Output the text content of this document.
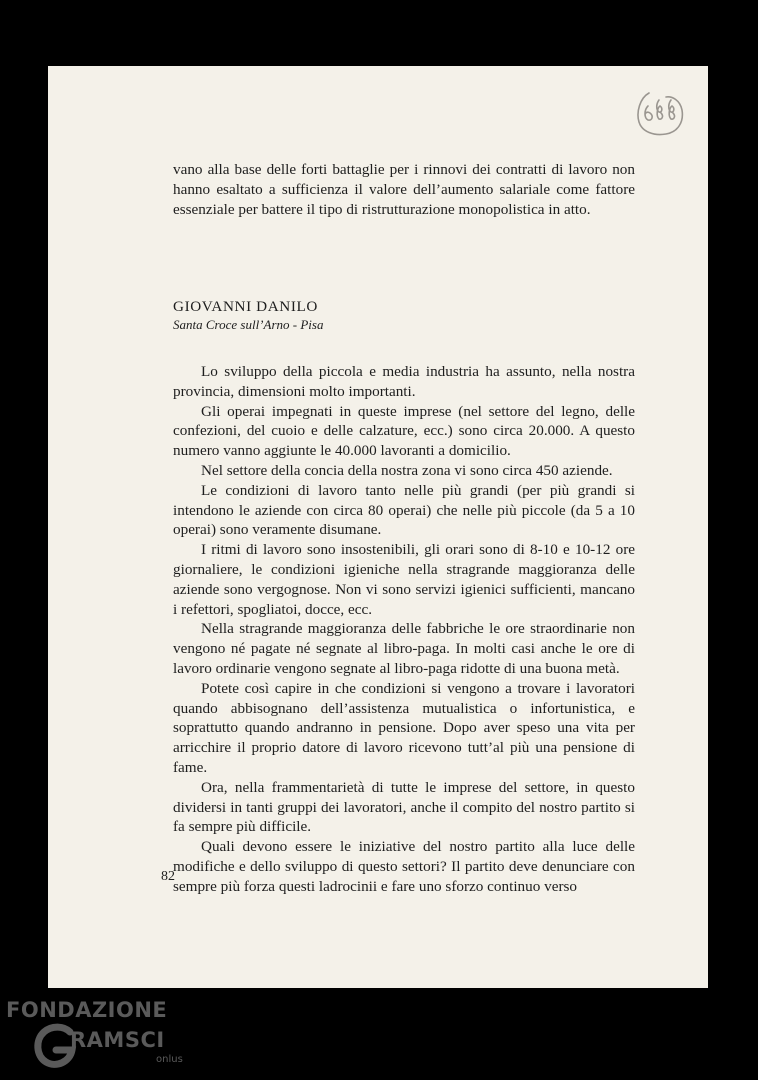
vano alla base delle forti battaglie per i rinnovi dei contratti di lavoro non hanno esaltato a sufficienza il valore dell’aumento salariale come fattore essenziale per battere il tipo di ristrutturazione monopolistica in atto.
GIOVANNI DANILO
Santa Croce sull’Arno - Pisa

Lo sviluppo della piccola e media industria ha assunto, nella nostra provincia, dimensioni molto importanti.

Gli operai impegnati in queste imprese (nel settore del legno, delle confezioni, del cuoio e delle calzature, ecc.) sono circa 20.000. A questo numero vanno aggiunte le 40.000 lavoranti a domicilio.

Nel settore della concia della nostra zona vi sono circa 450 aziende.

Le condizioni di lavoro tanto nelle più grandi (per più grandi si intendono le aziende con circa 80 operai) che nelle più piccole (da 5 a 10 operai) sono veramente disumane.

I ritmi di lavoro sono insostenibili, gli orari sono di 8-10 e 10-12 ore giornaliere, le condizioni igieniche nella stragrande maggioranza delle aziende sono vergognose. Non vi sono servizi igienici sufficienti, mancano i refettori, spogliatoi, docce, ecc.

Nella stragrande maggioranza delle fabbriche le ore straordinarie non vengono né pagate né segnate al libro-paga. In molti casi anche le ore di lavoro ordinarie vengono segnate al libro-paga ridotte di una buona metà.

Potete così capire in che condizioni si vengono a trovare i lavoratori quando abbisognano dell’assistenza mutualistica o infortunistica, e soprattutto quando andranno in pensione. Dopo aver speso una vita per arricchire il proprio datore di lavoro ricevono tutt’al più una pensione di fame.

Ora, nella frammentarietà di tutte le imprese del settore, in questo dividersi in tanti gruppi dei lavoratori, anche il compito del nostro partito si fa sempre più difficile.

Quali devono essere le iniziative del nostro partito alla luce delle modifiche e dello sviluppo di questo settori? Il partito deve denunciare con sempre più forza questi ladrocinii e fare uno sforzo continuo verso

82
FONDAZIONE
RAMSCI
onlus
